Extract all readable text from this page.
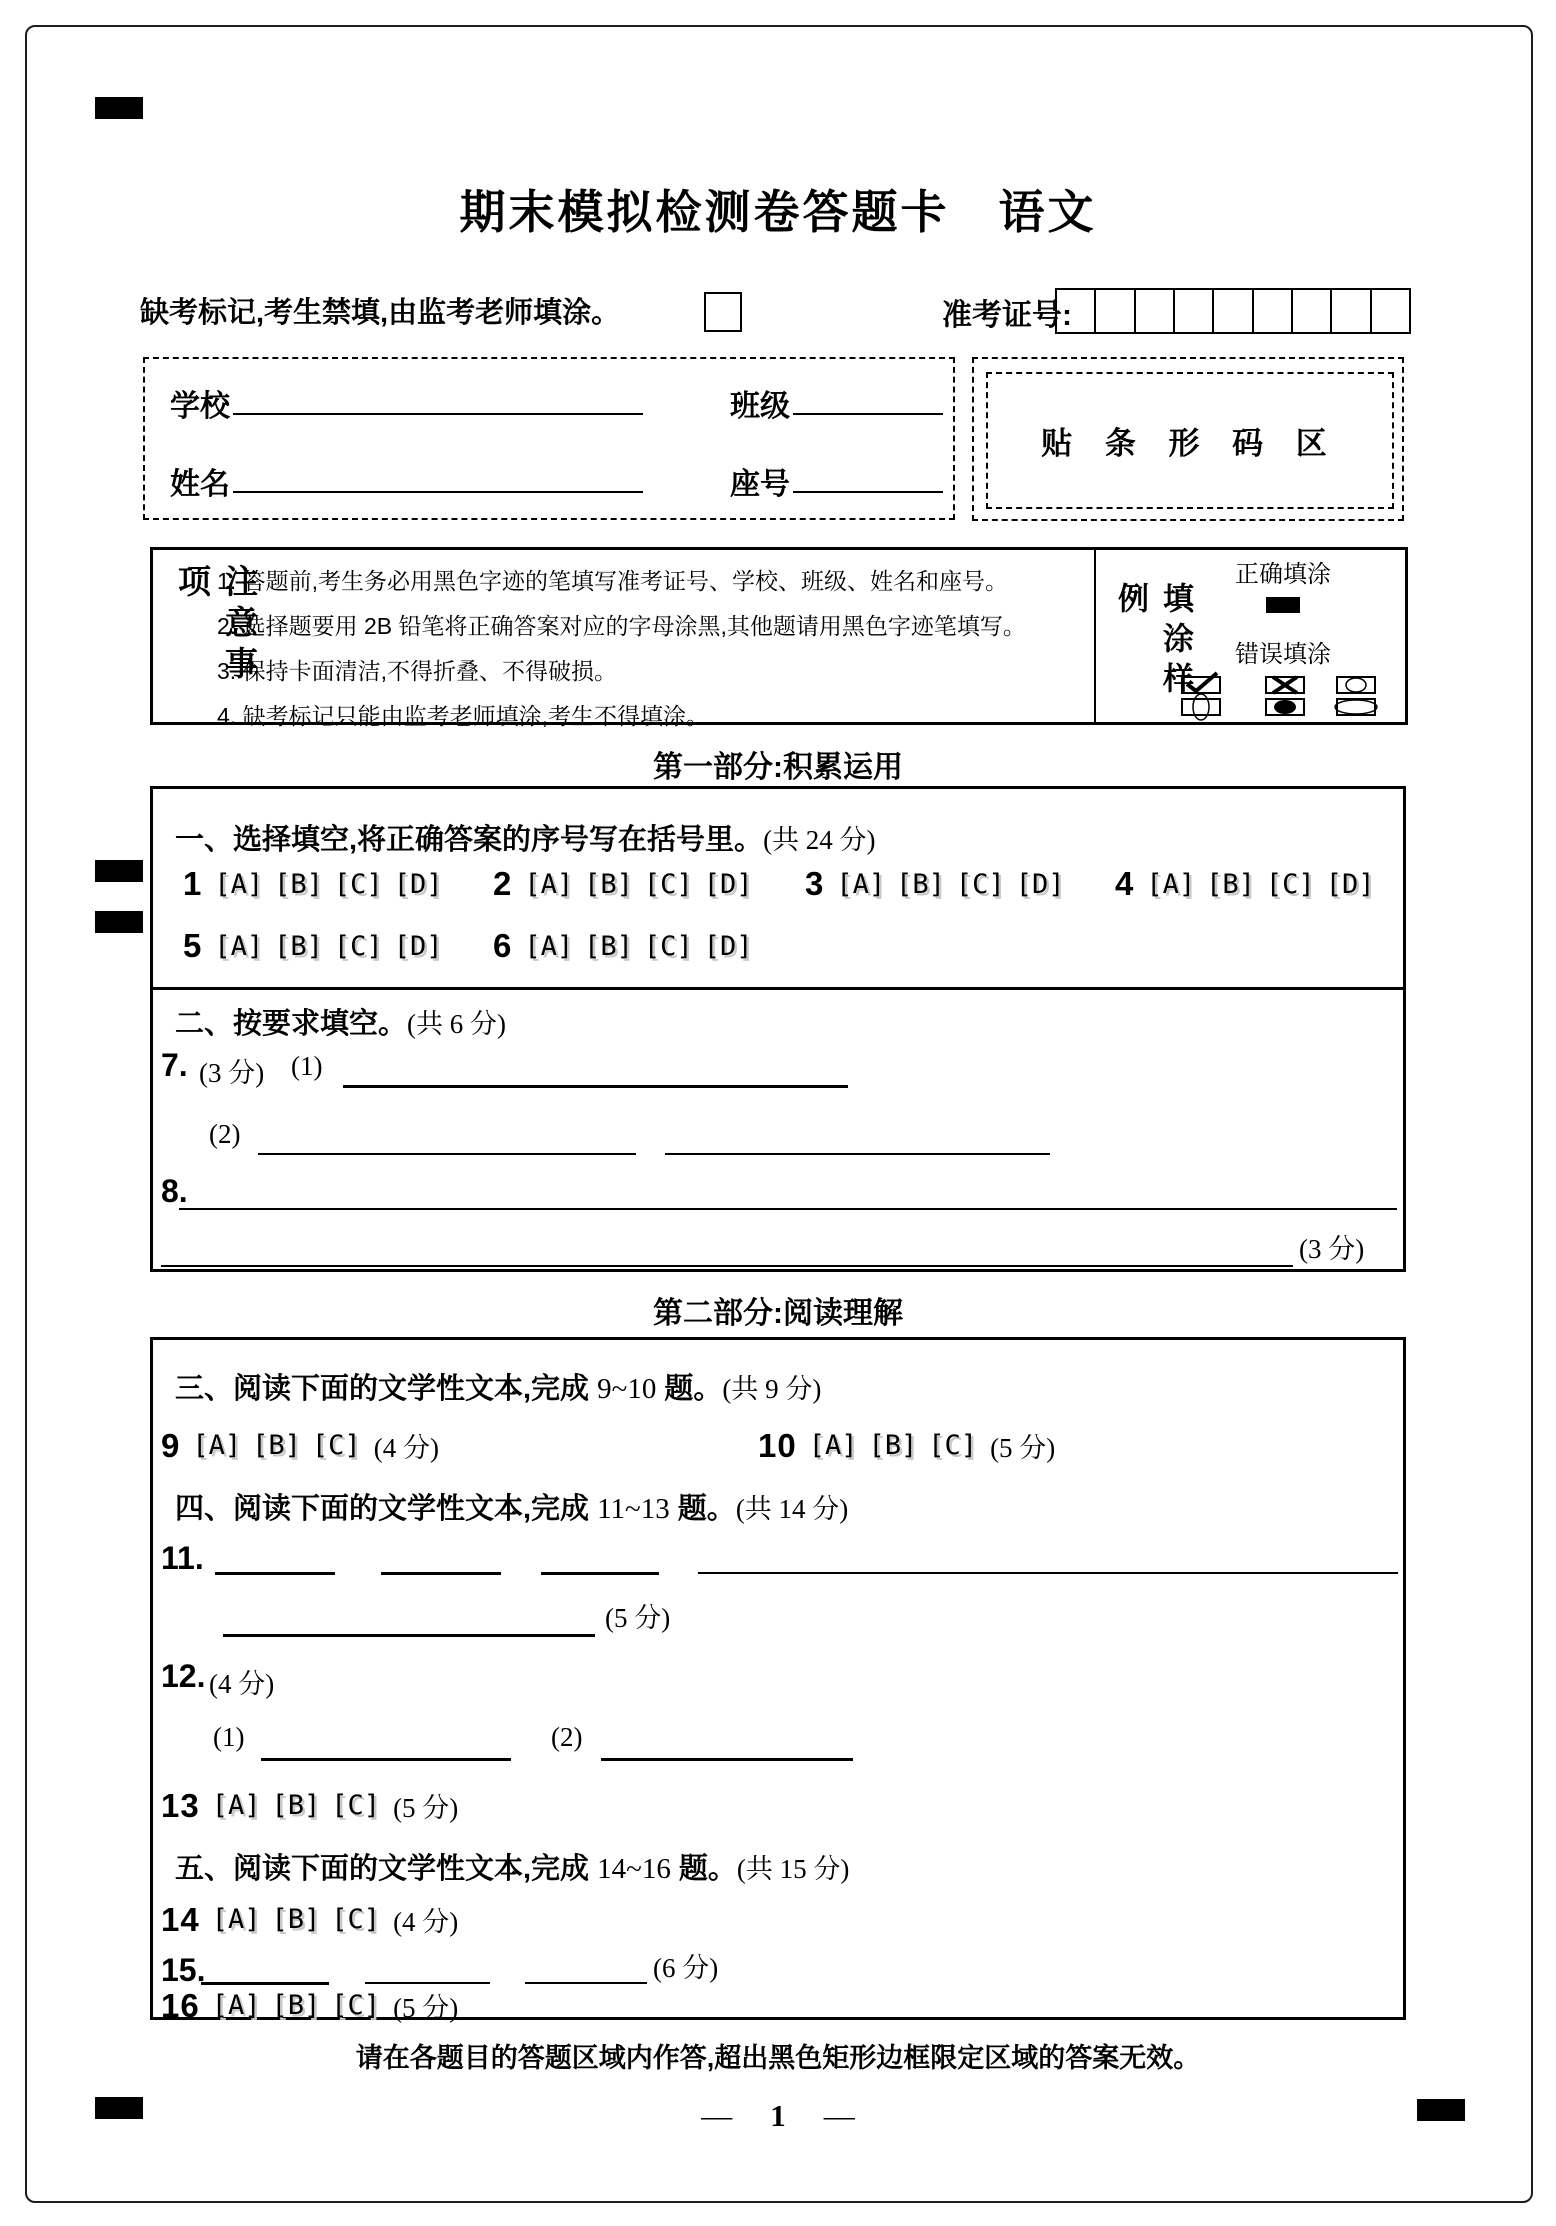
期末模拟检测卷答题卡　语文
缺考标记,考生禁填,由监考老师填涂。	准考证号:
学校	班级
姓名	座号
贴 条 形 码 区
注意事项 1. 答题前,考生务必用黑色字迹的笔填写准考证号、学校、班级、姓名和座号。
2. 选择题要用 2B 铅笔将正确答案对应的字母涂黑,其他题请用黑色字迹笔填写。
3. 保持卡面清洁,不得折叠、不得破损。
4. 缺考标记只能由监考老师填涂,考生不得填涂。
填涂样例
正确填涂
错误填涂
第一部分:积累运用
一、选择填空,将正确答案的序号写在括号里。(共 24 分)
1 [A] [B] [C] [D] 2 [A] [B] [C] [D] 3 [A] [B] [C] [D] 4 [A] [B] [C] [D]
5 [A] [B] [C] [D] 6 [A] [B] [C] [D]
二、按要求填空。(共 6 分)
7. (3 分) (1)
(2)
8.
(3 分)
第二部分:阅读理解
三、阅读下面的文学性文本,完成 9~10 题。(共 9 分)
9 [A] [B] [C] (4 分)	10 [A] [B] [C] (5 分)
四、阅读下面的文学性文本,完成 11~13 题。(共 14 分)
11.
(5 分)
12. (4 分)
(1)	(2)
13 [A] [B] [C] (5 分)
五、阅读下面的文学性文本,完成 14~16 题。(共 15 分)
14 [A] [B] [C] (4 分)
15.	(6 分)
16 [A] [B] [C] (5 分)
请在各题目的答题区域内作答,超出黑色矩形边框限定区域的答案无效。
— 1 —
